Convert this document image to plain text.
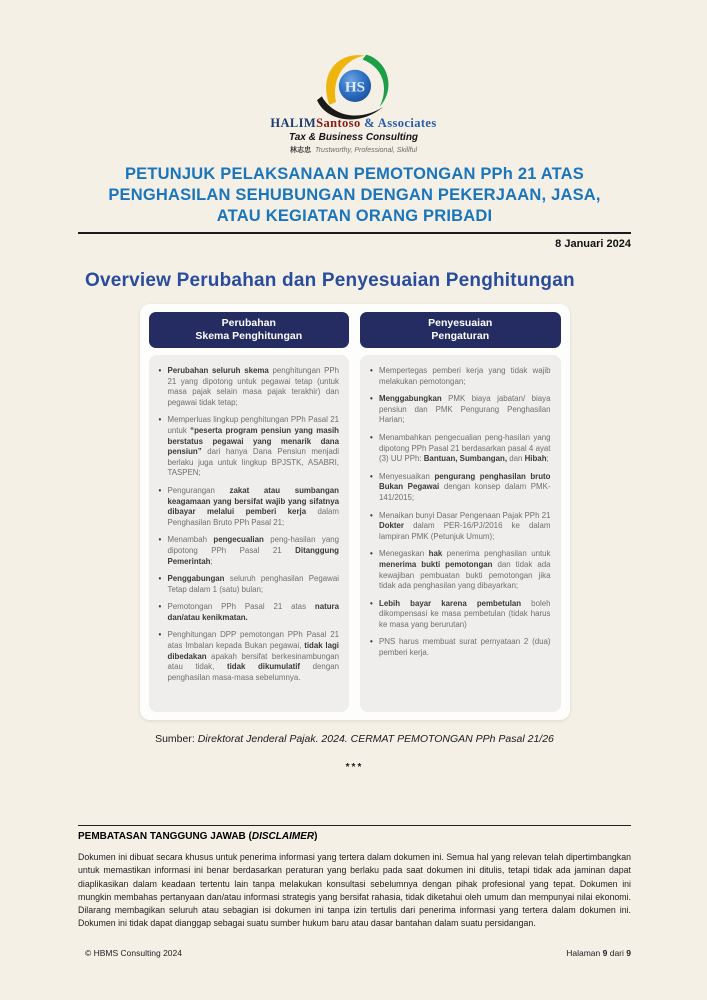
HS
HALIMSantoso & Associates
Tax & Business Consulting
林志忠 Trustworthy, Professional, Skillful
PETUNJUK PELAKSANAAN PEMOTONGAN PPh 21 ATAS
PENGHASILAN SEHUBUNGAN DENGAN PEKERJAAN, JASA,
ATAU KEGIATAN ORANG PRIBADI
8 Januari 2024
Overview Perubahan dan Penyesuaian Penghitungan
Perubahan
Skema Penghitungan
• Perubahan seluruh skema penghitungan PPh 21 yang dipotong untuk pegawai tetap (untuk masa pajak selain masa pajak terakhir) dan pegawai tidak tetap;
• Memperluas lingkup penghitungan PPh Pasal 21 untuk “peserta program pensiun yang masih berstatus pegawai yang menarik dana pensiun” dari hanya Dana Pensiun menjadi berlaku juga untuk lingkup BPJSTK, ASABRI, TASPEN;
• Pengurangan zakat atau sumbangan keagamaan yang bersifat wajib yang sifatnya dibayar melalui pemberi kerja dalam Penghasilan Bruto PPh Pasal 21;
• Menambah pengecualian peng-hasilan yang dipotong PPh Pasal 21 Ditanggung Pemerintah;
• Penggabungan seluruh penghasilan Pegawai Tetap dalam 1 (satu) bulan;
• Pemotongan PPh Pasal 21 atas natura dan/atau kenikmatan.
• Penghitungan DPP pemotongan PPh Pasal 21 atas Imbalan kepada Bukan pegawai, tidak lagi dibedakan apakah bersifat berkesinambungan atau tidak, tidak dikumulatif dengan penghasilan masa-masa sebelumnya.
Penyesuaian
Pengaturan
• Mempertegas pemberi kerja yang tidak wajib melakukan pemotongan;
• Menggabungkan PMK biaya jabatan/ biaya pensiun dan PMK Pengurang Penghasilan Harian;
• Menambahkan pengecualian peng-hasilan yang dipotong PPh Pasal 21 berdasarkan pasal 4 ayat (3) UU PPh: Bantuan, Sumbangan, dan Hibah;
• Menyesuaikan pengurang penghasilan bruto Bukan Pegawai dengan konsep dalam PMK-141/2015;
• Menaikan bunyi Dasar Pengenaan Pajak PPh 21 Dokter dalam PER-16/PJ/2016 ke dalam lampiran PMK (Petunjuk Umum);
• Menegaskan hak penerima penghasilan untuk menerima bukti pemotongan dan tidak ada kewajiban pembuatan bukti pemotongan jika tidak ada penghasilan yang dibayarkan;
• Lebih bayar karena pembetulan boleh dikompensasi ke masa pembetulan (tidak harus ke masa yang berurutan)
• PNS harus membuat surat pernyataan 2 (dua) pemberi kerja.
Sumber: Direktorat Jenderal Pajak. 2024. CERMAT PEMOTONGAN PPh Pasal 21/26
***
PEMBATASAN TANGGUNG JAWAB (DISCLAIMER)
Dokumen ini dibuat secara khusus untuk penerima informasi yang tertera dalam dokumen ini. Semua hal yang relevan telah dipertimbangkan untuk memastikan informasi ini benar berdasarkan peraturan yang berlaku pada saat dokumen ini ditulis, tetapi tidak ada jaminan dapat diaplikasikan dalam keadaan tertentu lain tanpa melakukan konsultasi sebelumnya dengan pihak profesional yang tepat. Dokumen ini mungkin membahas pertanyaan dan/atau informasi strategis yang bersifat rahasia, tidak diketahui oleh umum dan mempunyai nilai ekonomi. Dilarang membagikan seluruh atau sebagian isi dokumen ini tanpa izin tertulis dari penerima informasi yang tertera dalam dokumen ini. Dokumen ini tidak dapat dianggap sebagai suatu sumber hukum baru atau dasar bantahan dalam suatu persidangan.
© HBMS Consulting 2024	Halaman 9 dari 9
